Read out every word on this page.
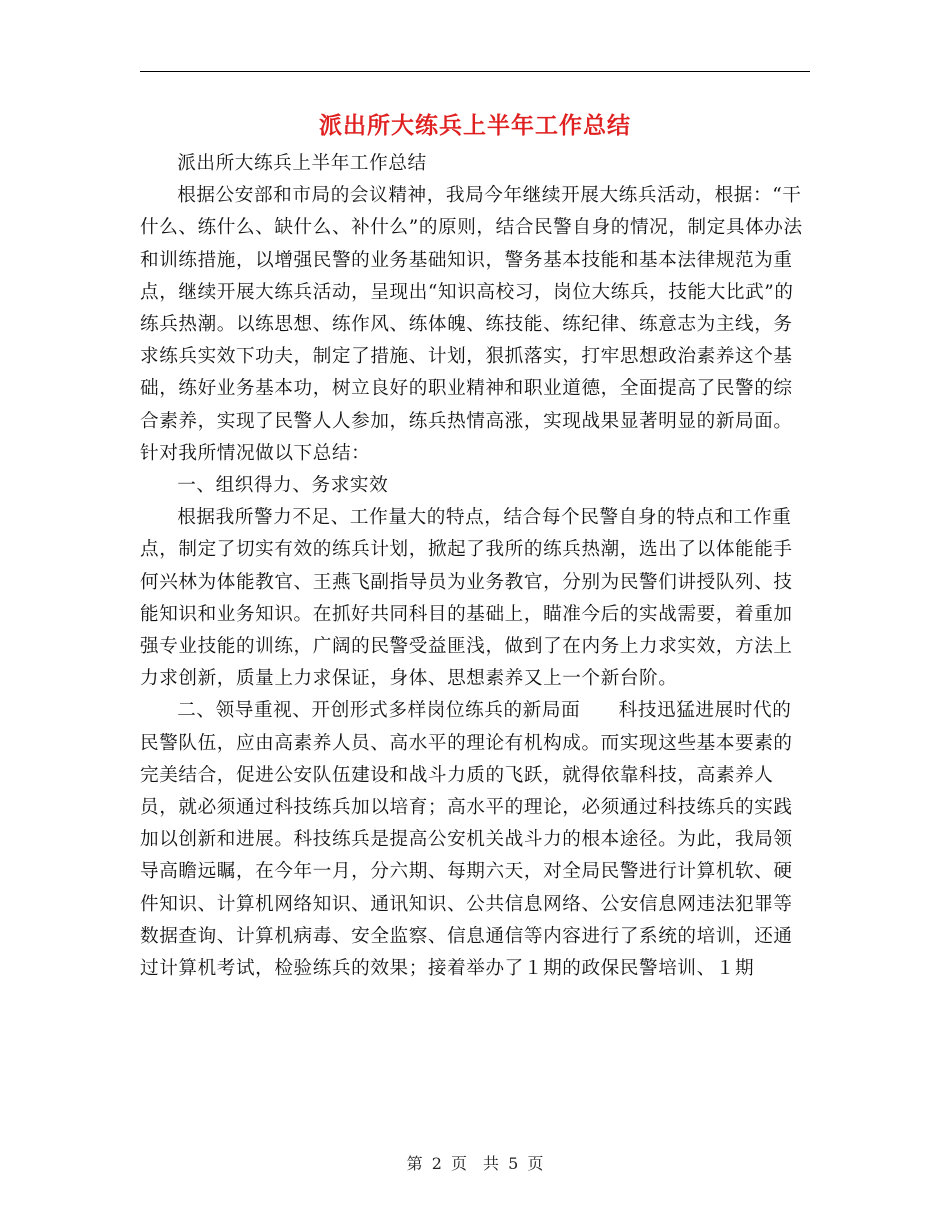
派出所大练兵上半年工作总结

派出所大练兵上半年工作总结

根据公安部和市局的会议精神，我局今年继续开展大练兵活动，根据：“干什么、练什么、缺什么、补什么”的原则，结合民警自身的情况，制定具体办法和训练措施，以增强民警的业务基础知识，警务基本技能和基本法律规范为重点，继续开展大练兵活动，呈现出“知识高校习，岗位大练兵，技能大比武”的练兵热潮。以练思想、练作风、练体魄、练技能、练纪律、练意志为主线，务求练兵实效下功夫，制定了措施、计划，狠抓落实，打牢思想政治素养这个基础，练好业务基本功，树立良好的职业精神和职业道德，全面提高了民警的综合素养，实现了民警人人参加，练兵热情高涨，实现战果显著明显的新局面。针对我所情况做以下总结：

一、组织得力、务求实效

根据我所警力不足、工作量大的特点，结合每个民警自身的特点和工作重点，制定了切实有效的练兵计划，掀起了我所的练兵热潮，选出了以体能能手何兴林为体能教官、王燕飞副指导员为业务教官，分别为民警们讲授队列、技能知识和业务知识。在抓好共同科目的基础上，瞄准今后的实战需要，着重加强专业技能的训练，广阔的民警受益匪浅，做到了在内务上力求实效，方法上力求创新，质量上力求保证，身体、思想素养又上一个新台阶。

二、领导重视、开创形式多样岗位练兵的新局面　　科技迅猛进展时代的民警队伍，应由高素养人员、高水平的理论有机构成。而实现这些基本要素的完美结合，促进公安队伍建设和战斗力质的飞跃，就得依靠科技，高素养人员，就必须通过科技练兵加以培育；高水平的理论，必须通过科技练兵的实践加以创新和进展。科技练兵是提高公安机关战斗力的根本途径。为此，我局领导高瞻远瞩，在今年一月，分六期、每期六天，对全局民警进行计算机软、硬件知识、计算机网络知识、通讯知识、公共信息网络、公安信息网违法犯罪等数据查询、计算机病毒、安全监察、信息通信等内容进行了系统的培训，还通过计算机考试，检验练兵的效果；接着举办了１期的政保民警培训、１期

第 2 页　共 5 页
